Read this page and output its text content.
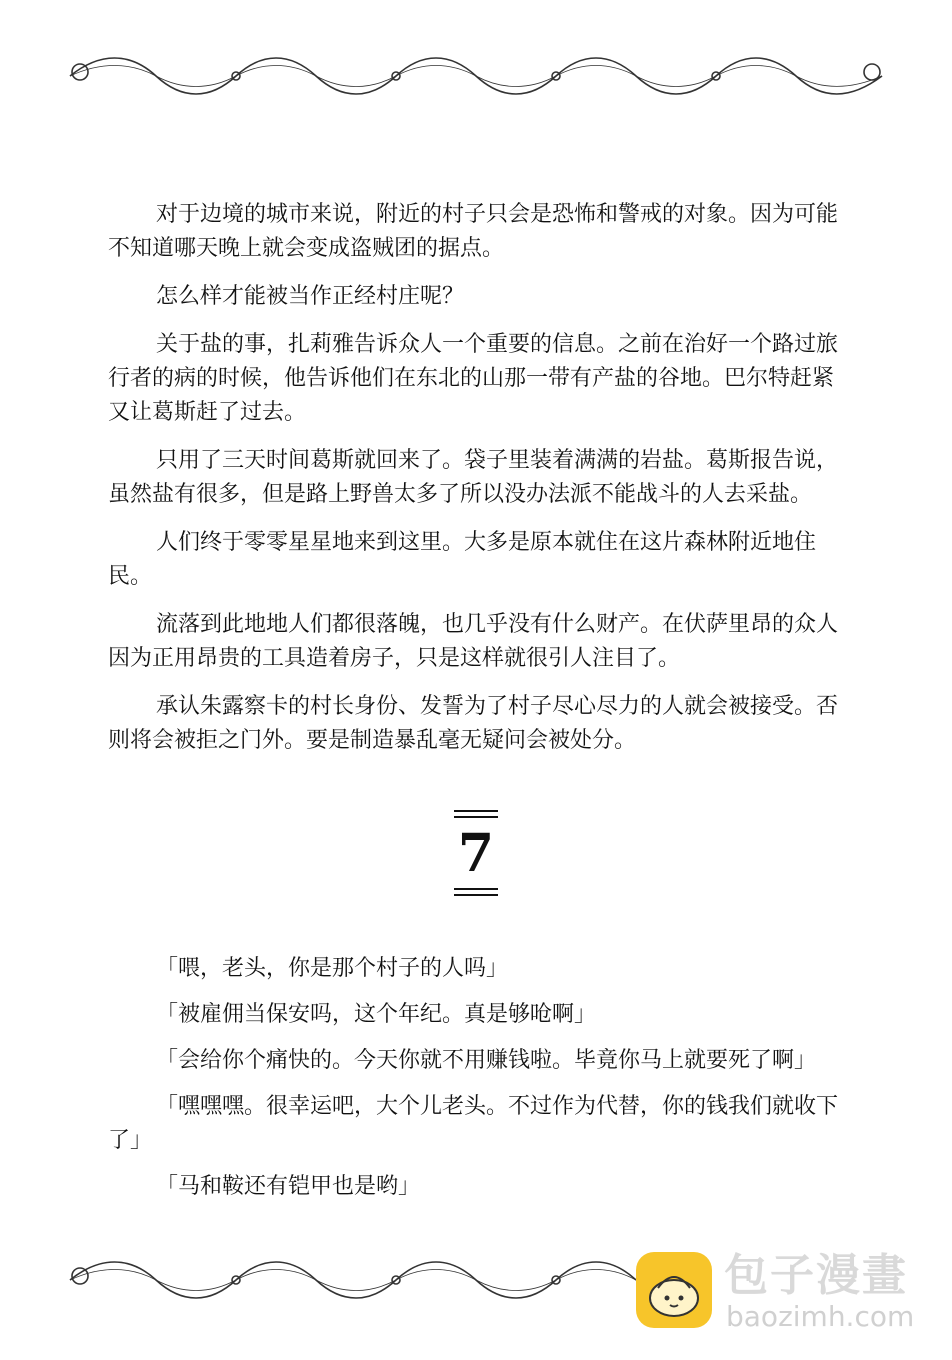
对于边境的城市来说，附近的村子只会是恐怖和警戒的对象。因为可能不知道哪天晚上就会变成盗贼团的据点。

怎么样才能被当作正经村庄呢？

关于盐的事，扎莉雅告诉众人一个重要的信息。之前在治好一个路过旅行者的病的时候，他告诉他们在东北的山那一带有产盐的谷地。巴尔特赶紧又让葛斯赶了过去。

只用了三天时间葛斯就回来了。袋子里装着满满的岩盐。葛斯报告说，虽然盐有很多，但是路上野兽太多了所以没办法派不能战斗的人去采盐。

人们终于零零星星地来到这里。大多是原本就住在这片森林附近地住民。

流落到此地地人们都很落魄，也几乎没有什么财产。在伏萨里昂的众人因为正用昂贵的工具造着房子，只是这样就很引人注目了。

承认朱露察卡的村长身份、发誓为了村子尽心尽力的人就会被接受。否则将会被拒之门外。要是制造暴乱毫无疑问会被处分。

7

「喂，老头，你是那个村子的人吗」

「被雇佣当保安吗，这个年纪。真是够呛啊」

「会给你个痛快的。今天你就不用赚钱啦。毕竟你马上就要死了啊」

「嘿嘿嘿。很幸运吧，大个儿老头。不过作为代替，你的钱我们就收下了」

「马和鞍还有铠甲也是哟」

包子漫畫
baozimh.com
